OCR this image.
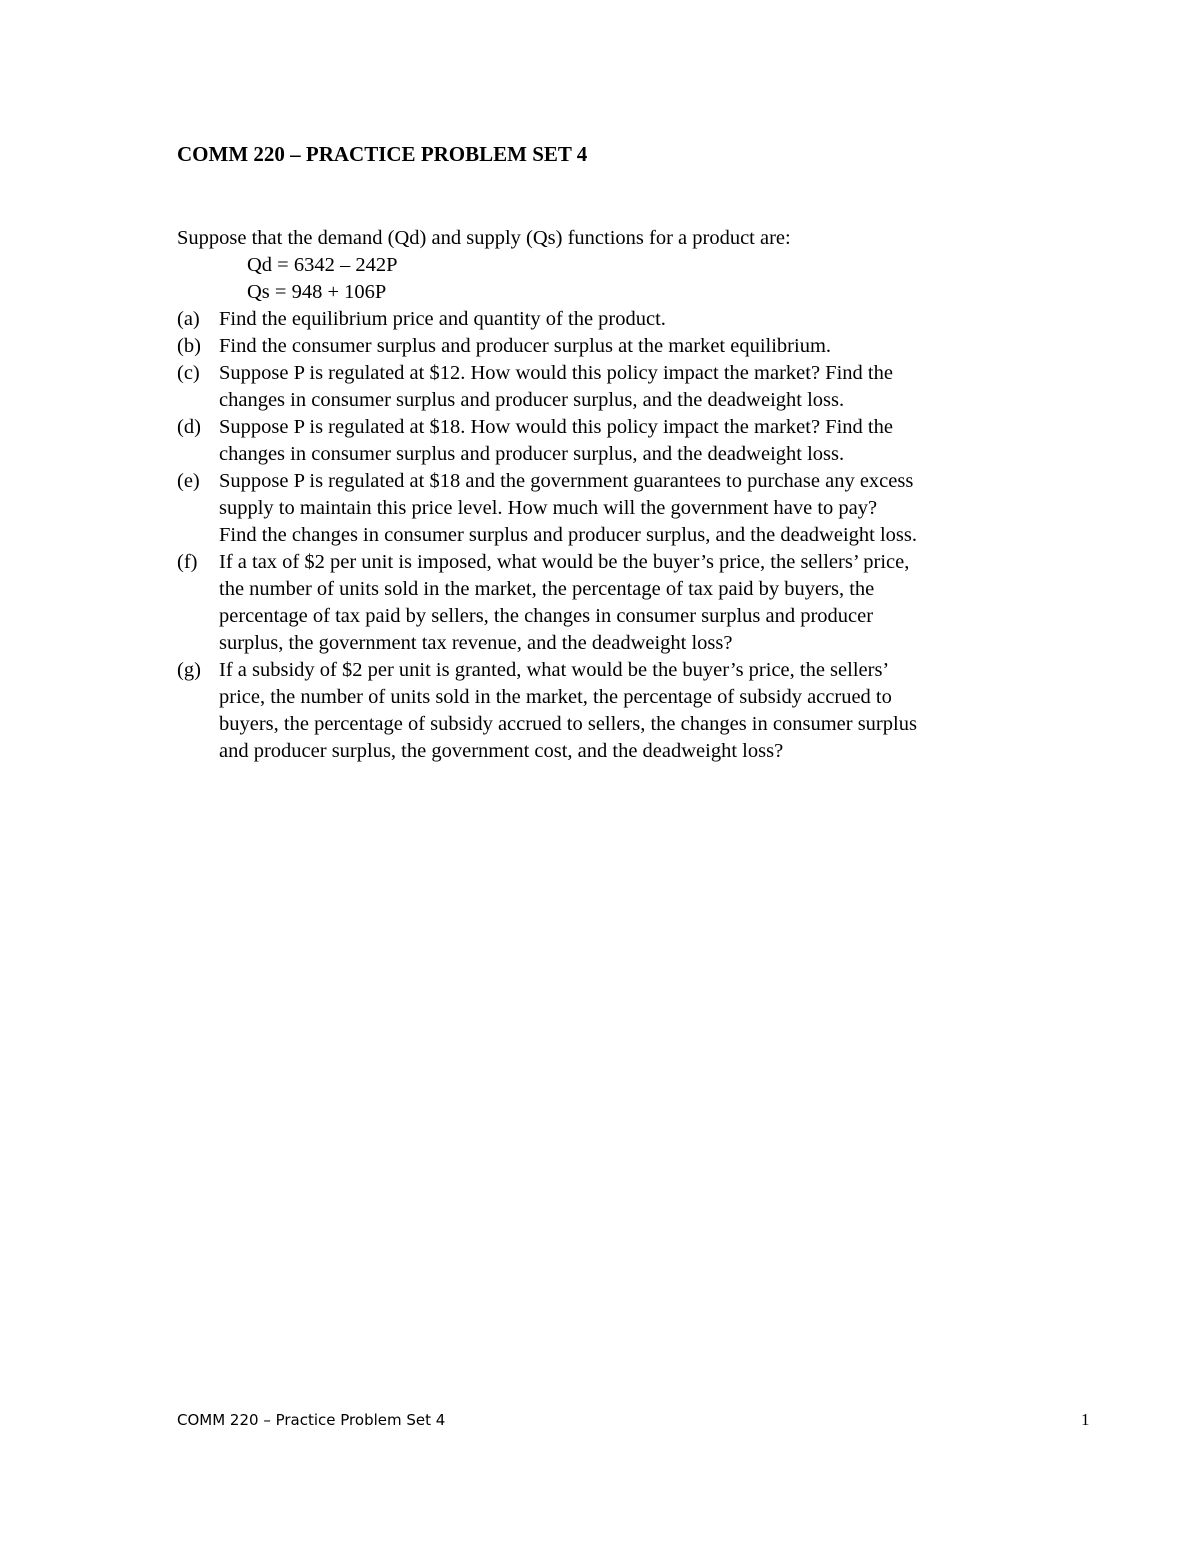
COMM 220 – PRACTICE PROBLEM SET 4
Suppose that the demand (Qd) and supply (Qs) functions for a product are:
Qd = 6342 – 242P
Qs = 948 + 106P
(a) Find the equilibrium price and quantity of the product.
(b) Find the consumer surplus and producer surplus at the market equilibrium.
(c) Suppose P is regulated at $12. How would this policy impact the market? Find the
changes in consumer surplus and producer surplus, and the deadweight loss.
(d) Suppose P is regulated at $18. How would this policy impact the market? Find the
changes in consumer surplus and producer surplus, and the deadweight loss.
(e) Suppose P is regulated at $18 and the government guarantees to purchase any excess
supply to maintain this price level. How much will the government have to pay?
Find the changes in consumer surplus and producer surplus, and the deadweight loss.
(f)	If a tax of $2 per unit is imposed, what would be the buyer’s price, the sellers’ price,
the number of units sold in the market, the percentage of tax paid by buyers, the
percentage of tax paid by sellers, the changes in consumer surplus and producer
surplus, the government tax revenue, and the deadweight loss?
(g) If a subsidy of $2 per unit is granted, what would be the buyer’s price, the sellers’
price, the number of units sold in the market, the percentage of subsidy accrued to
buyers, the percentage of subsidy accrued to sellers, the changes in consumer surplus
and producer surplus, the government cost, and the deadweight loss?
COMM 220 – Practice Problem Set 4	1
